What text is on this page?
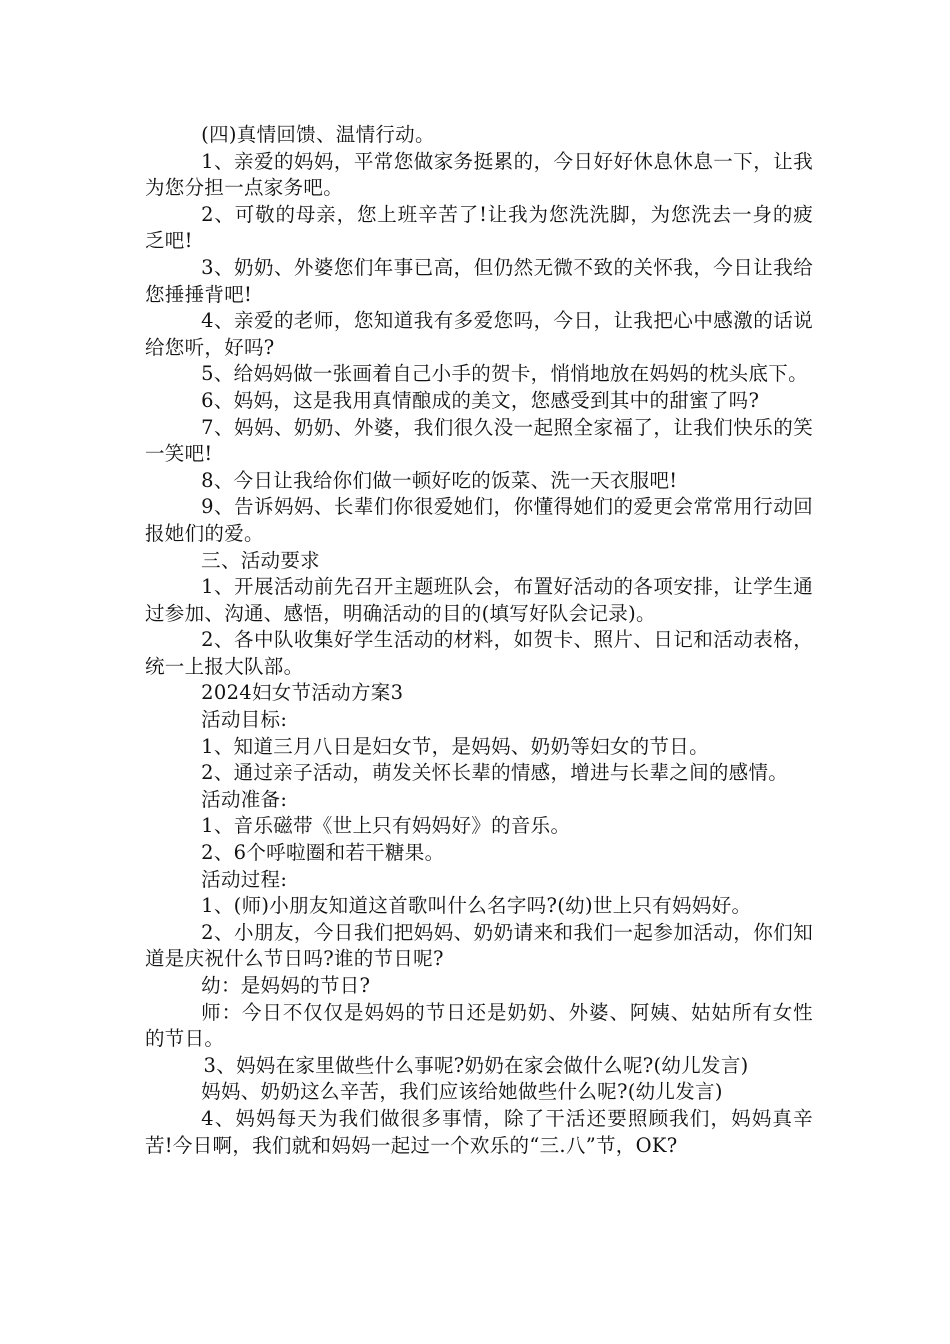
(四)真情回馈、温情行动。

1、亲爱的妈妈，平常您做家务挺累的，今日好好休息休息一下，让我为您分担一点家务吧。

2、可敬的母亲，您上班辛苦了!让我为您洗洗脚，为您洗去一身的疲乏吧!

3、奶奶、外婆您们年事已高，但仍然无微不致的关怀我，今日让我给您捶捶背吧!

4、亲爱的老师，您知道我有多爱您吗，今日，让我把心中感激的话说给您听，好吗?

5、给妈妈做一张画着自己小手的贺卡，悄悄地放在妈妈的枕头底下。

6、妈妈，这是我用真情酿成的美文，您感受到其中的甜蜜了吗?

7、妈妈、奶奶、外婆，我们很久没一起照全家福了，让我们快乐的笑一笑吧!

8、今日让我给你们做一顿好吃的饭菜、洗一天衣服吧!

9、告诉妈妈、长辈们你很爱她们，你懂得她们的爱更会常常用行动回报她们的爱。

三、活动要求

1、开展活动前先召开主题班队会，布置好活动的各项安排，让学生通过参加、沟通、感悟，明确活动的目的(填写好队会记录)。

2、各中队收集好学生活动的材料，如贺卡、照片、日记和活动表格，统一上报大队部。

2024妇女节活动方案3

活动目标:

1、知道三月八日是妇女节，是妈妈、奶奶等妇女的节日。

2、通过亲子活动，萌发关怀长辈的情感，增进与长辈之间的感情。

活动准备:

1、音乐磁带《世上只有妈妈好》的音乐。

2、6个呼啦圈和若干糖果。

活动过程:

1、(师)小朋友知道这首歌叫什么名字吗?(幼)世上只有妈妈好。

2、小朋友，今日我们把妈妈、奶奶请来和我们一起参加活动，你们知道是庆祝什么节日吗?谁的节日呢?

幼：是妈妈的节日?

师：今日不仅仅是妈妈的节日还是奶奶、外婆、阿姨、姑姑所有女性的节日。

3、妈妈在家里做些什么事呢?奶奶在家会做什么呢?(幼儿发言)

妈妈、奶奶这么辛苦，我们应该给她做些什么呢?(幼儿发言)

4、妈妈每天为我们做很多事情，除了干活还要照顾我们，妈妈真辛苦!今日啊，我们就和妈妈一起过一个欢乐的“三.八”节，OK?
